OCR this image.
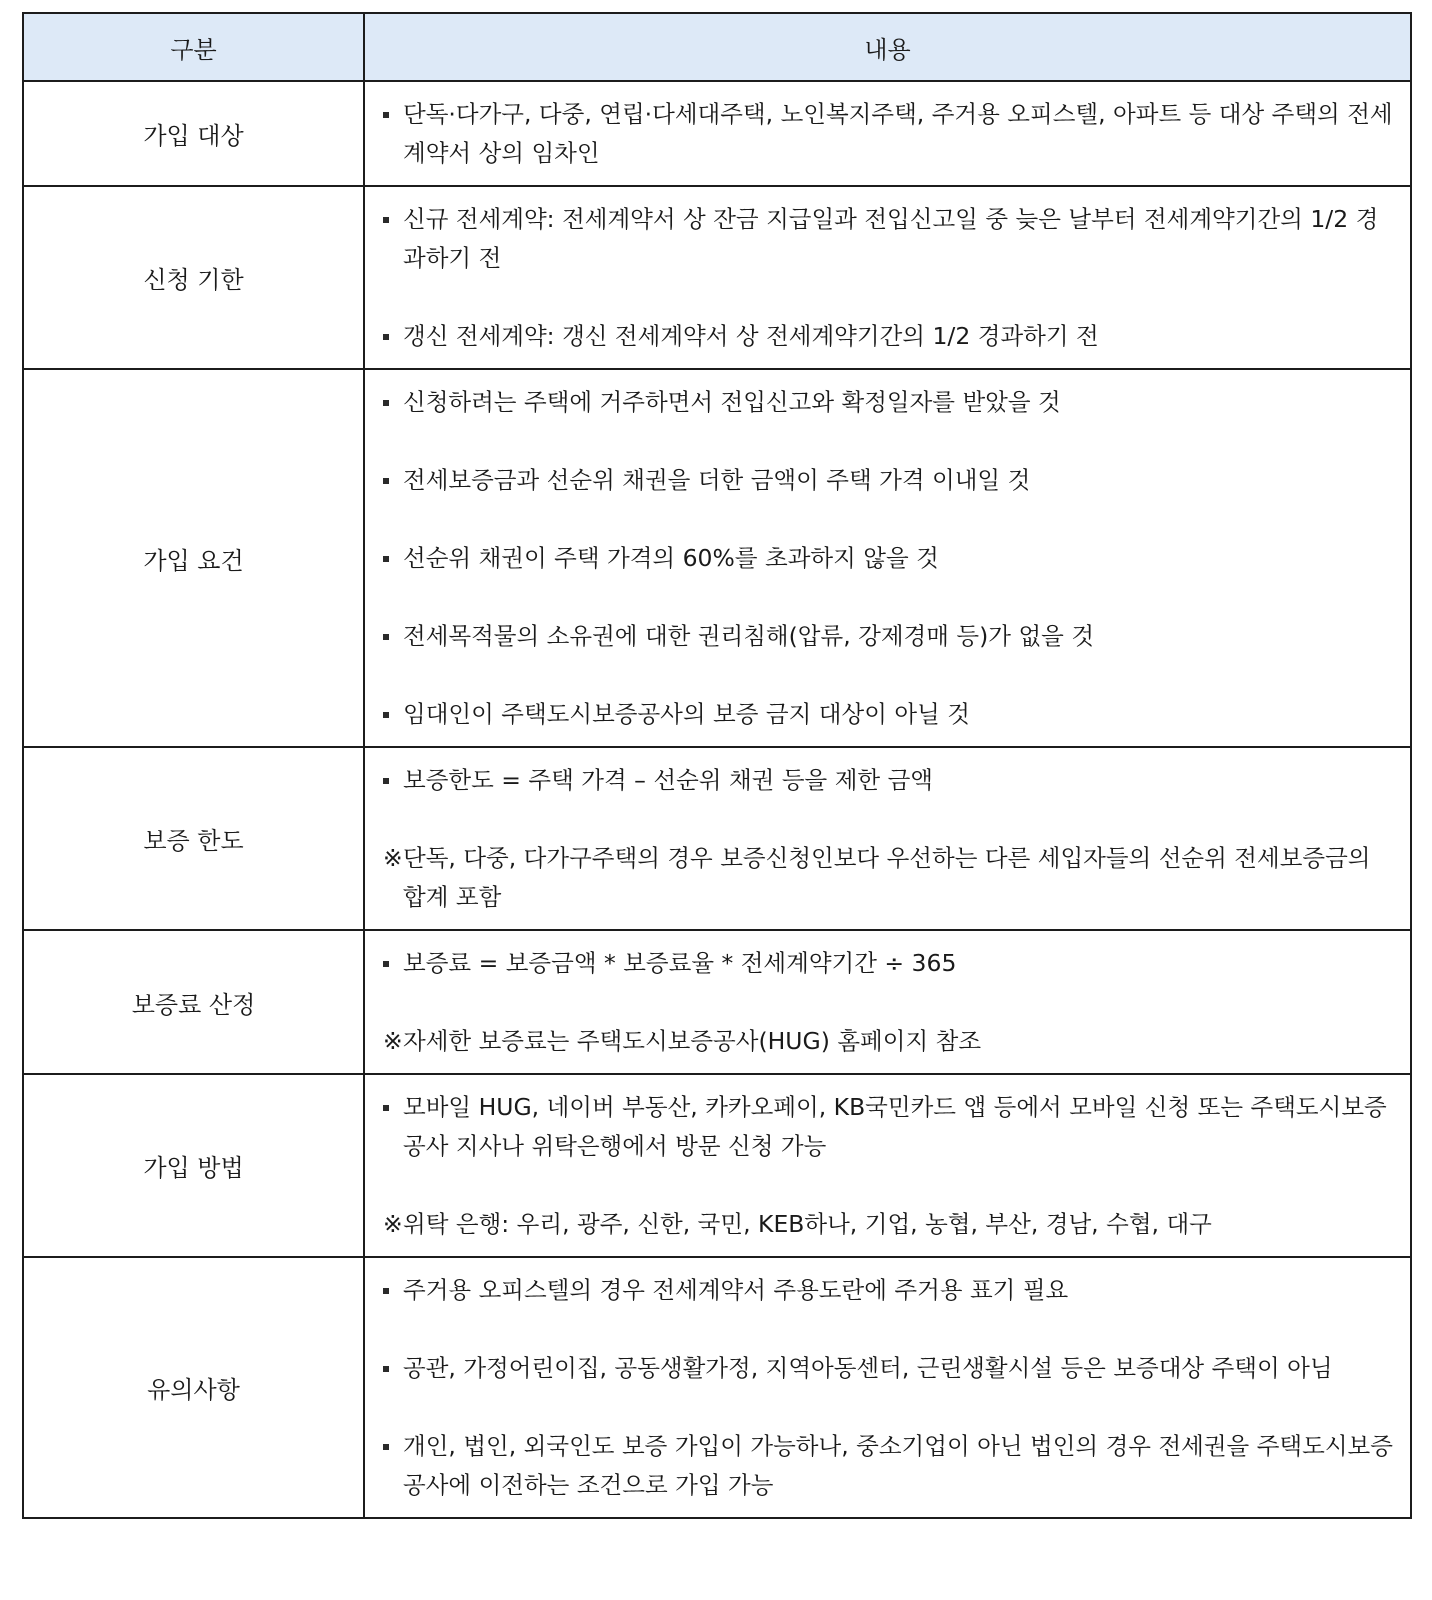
구분	내용
가입 대상	단독·다가구, 다중, 연립·다세대주택, 노인복지주택, 주거용 오피스텔, 아파트 등 대상 주택의 전세계약서 상의 임차인

신청 기한	신규 전세계약: 전세계약서 상 잔금 지급일과 전입신고일 중 늦은 날부터 전세계약기간의 1/2 경과하기 전
갱신 전세계약: 갱신 전세계약서 상 전세계약기간의 1/2 경과하기 전

가입 요건	신청하려는 주택에 거주하면서 전입신고와 확정일자를 받았을 것
전세보증금과 선순위 채권을 더한 금액이 주택 가격 이내일 것
선순위 채권이 주택 가격의 60%를 초과하지 않을 것
전세목적물의 소유권에 대한 권리침해(압류, 강제경매 등)가 없을 것
임대인이 주택도시보증공사의 보증 금지 대상이 아닐 것

보증 한도	보증한도 = 주택 가격 – 선순위 채권 등을 제한 금액
※ 단독, 다중, 다가구주택의 경우 보증신청인보다 우선하는 다른 세입자들의 선순위 전세보증금의 합계 포함

보증료 산정	보증료 = 보증금액 * 보증료율 * 전세계약기간 ÷ 365
※ 자세한 보증료는 주택도시보증공사(HUG) 홈페이지 참조

가입 방법	모바일 HUG, 네이버 부동산, 카카오페이, KB국민카드 앱 등에서 모바일 신청 또는 주택도시보증공사 지사나 위탁은행에서 방문 신청 가능
※ 위탁 은행: 우리, 광주, 신한, 국민, KEB하나, 기업, 농협, 부산, 경남, 수협, 대구

유의사항	주거용 오피스텔의 경우 전세계약서 주용도란에 주거용 표기 필요
공관, 가정어린이집, 공동생활가정, 지역아동센터, 근린생활시설 등은 보증대상 주택이 아님
개인, 법인, 외국인도 보증 가입이 가능하나, 중소기업이 아닌 법인의 경우 전세권을 주택도시보증공사에 이전하는 조건으로 가입 가능
